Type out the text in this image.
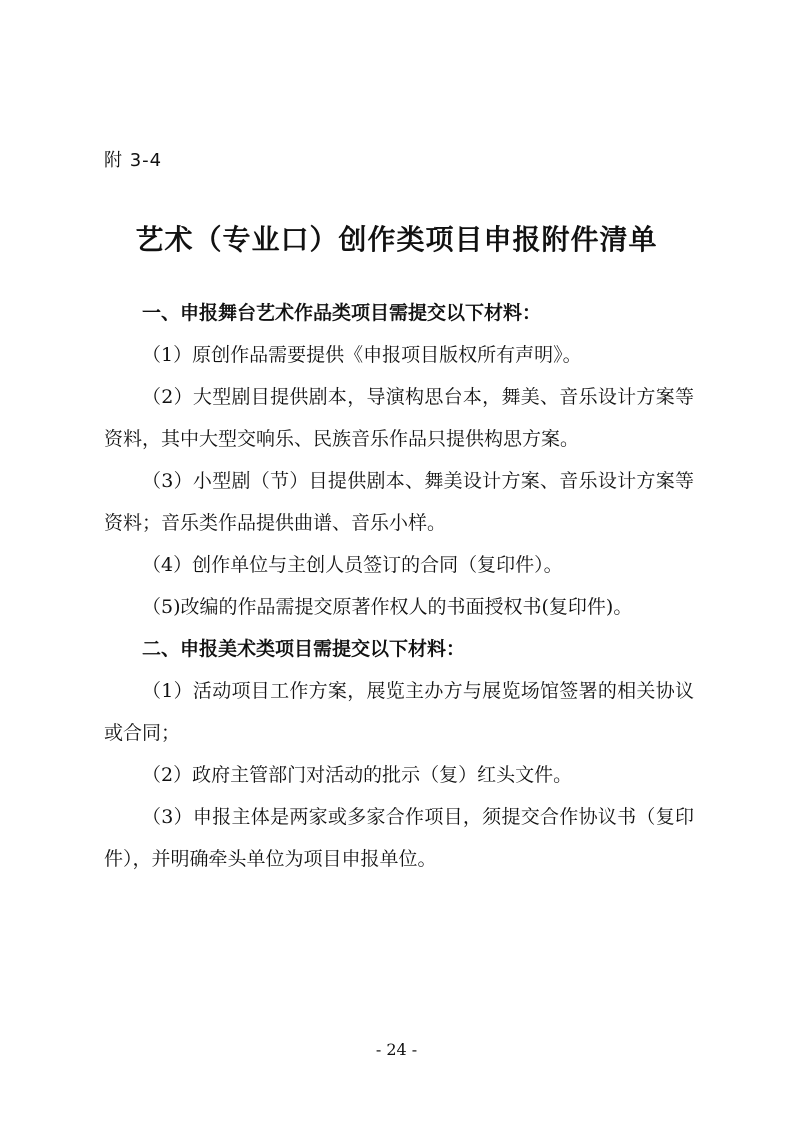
附 3-4
艺术（专业口）创作类项目申报附件清单

一、申报舞台艺术作品类项目需提交以下材料：

（1）原创作品需要提供《申报项目版权所有声明》。

（2）大型剧目提供剧本，导演构思台本，舞美、音乐设计方案等资料，其中大型交响乐、民族音乐作品只提供构思方案。

（3）小型剧（节）目提供剧本、舞美设计方案、音乐设计方案等资料；音乐类作品提供曲谱、音乐小样。

（4）创作单位与主创人员签订的合同（复印件）。

（5)改编的作品需提交原著作权人的书面授权书(复印件)。

二、申报美术类项目需提交以下材料：

（1）活动项目工作方案，展览主办方与展览场馆签署的相关协议或合同；

（2）政府主管部门对活动的批示（复）红头文件。

（3）申报主体是两家或多家合作项目，须提交合作协议书（复印件），并明确牵头单位为项目申报单位。

- 24 -
